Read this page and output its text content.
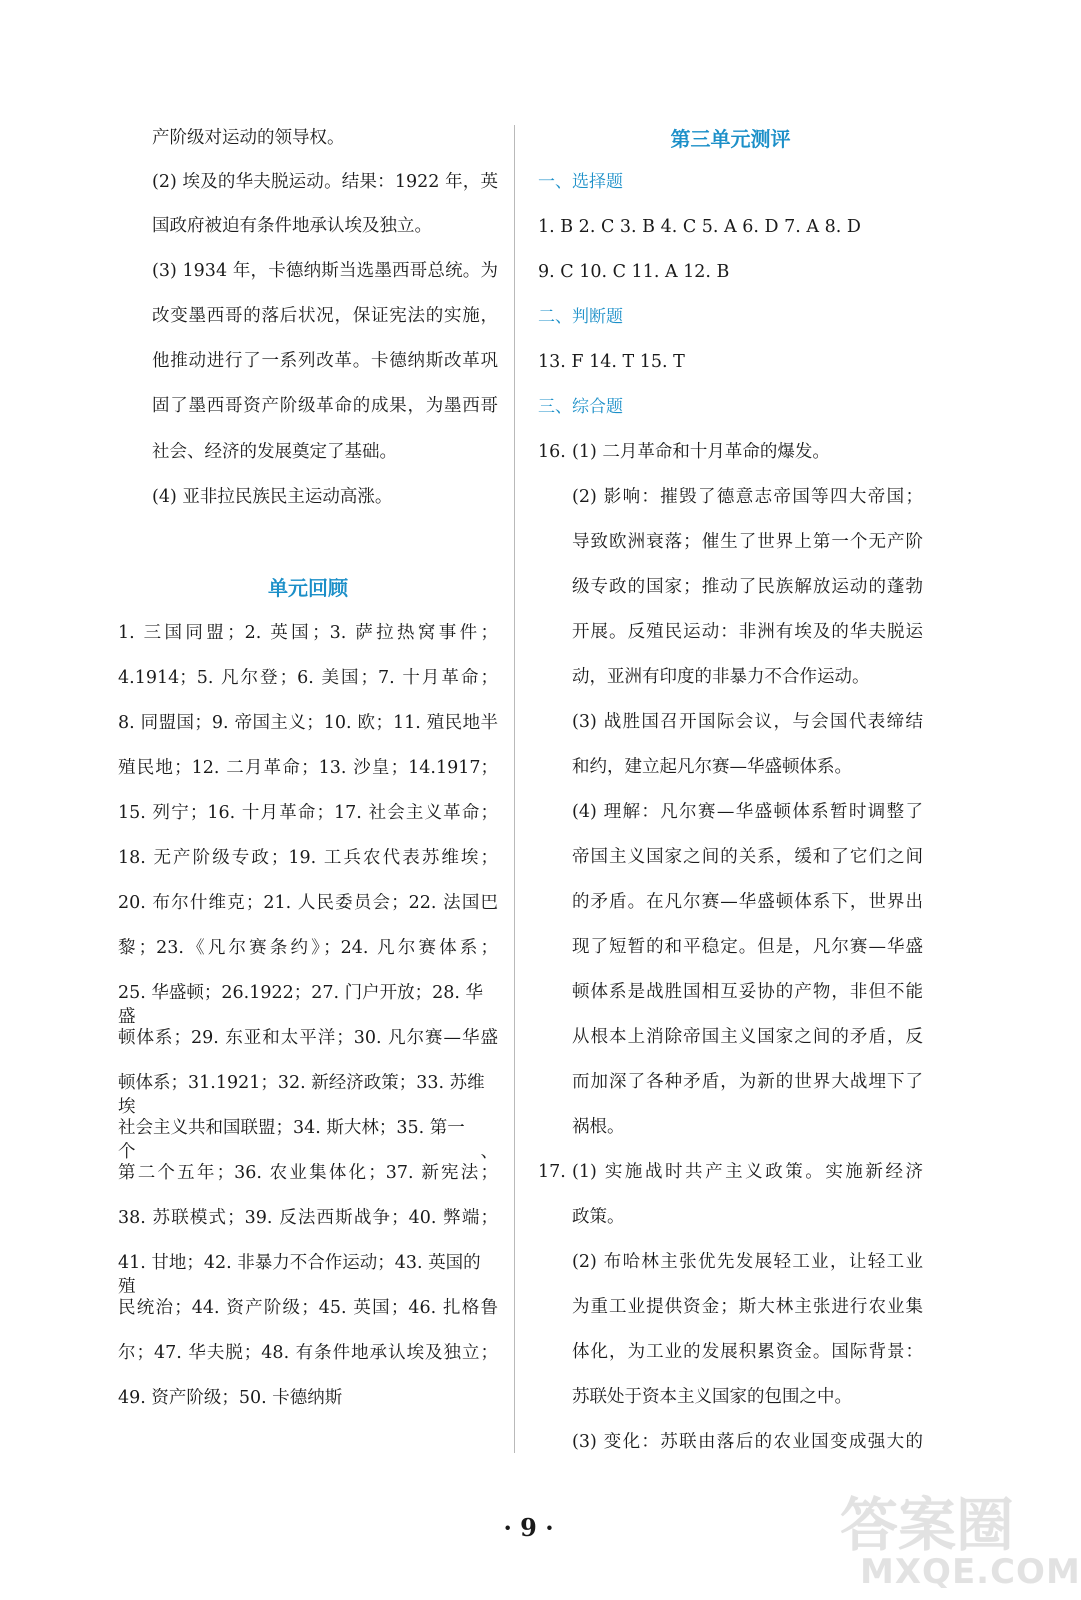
产阶级对运动的领导权。
(2) 埃及的华夫脱运动。结果：1922 年，英
国政府被迫有条件地承认埃及独立。
(3) 1934 年，卡德纳斯当选墨西哥总统。为
改变墨西哥的落后状况，保证宪法的实施，
他推动进行了一系列改革。卡德纳斯改革巩
固了墨西哥资产阶级革命的成果，为墨西哥
社会、经济的发展奠定了基础。
(4) 亚非拉民族民主运动高涨。
单元回顾
1. 三国同盟；2. 英国；3. 萨拉热窝事件；
4.1914；5. 凡尔登；6. 美国；7. 十月革命；
8. 同盟国；9. 帝国主义；10. 欧；11. 殖民地半
殖民地；12. 二月革命；13. 沙皇；14.1917；
15. 列宁；16. 十月革命；17. 社会主义革命；
18. 无产阶级专政；19. 工兵农代表苏维埃；
20. 布尔什维克；21. 人民委员会；22. 法国巴
黎；23.《凡尔赛条约》；24. 凡尔赛体系；
25. 华盛顿；26.1922；27. 门户开放；28. 华盛
顿体系；29. 东亚和太平洋；30. 凡尔赛—华盛
顿体系；31.1921；32. 新经济政策；33. 苏维埃
社会主义共和国联盟；34. 斯大林；35. 第一个、
第二个五年；36. 农业集体化；37. 新宪法；
38. 苏联模式；39. 反法西斯战争；40. 弊端；
41. 甘地；42. 非暴力不合作运动；43. 英国的殖
民统治；44. 资产阶级；45. 英国；46. 扎格鲁
尔；47. 华夫脱；48. 有条件地承认埃及独立；
49. 资产阶级；50. 卡德纳斯
第三单元测评
一、选择题
1. B 2. C 3. B 4. C 5. A 6. D 7. A 8. D
9. C 10. C 11. A 12. B
二、判断题
13. F 14. T 15. T
三、综合题
16. (1) 二月革命和十月革命的爆发。
(2) 影响：摧毁了德意志帝国等四大帝国；
导致欧洲衰落；催生了世界上第一个无产阶
级专政的国家；推动了民族解放运动的蓬勃
开展。反殖民运动：非洲有埃及的华夫脱运
动，亚洲有印度的非暴力不合作运动。
(3) 战胜国召开国际会议，与会国代表缔结
和约，建立起凡尔赛—华盛顿体系。
(4) 理解：凡尔赛—华盛顿体系暂时调整了
帝国主义国家之间的关系，缓和了它们之间
的矛盾。在凡尔赛—华盛顿体系下，世界出
现了短暂的和平稳定。但是，凡尔赛—华盛
顿体系是战胜国相互妥协的产物，非但不能
从根本上消除帝国主义国家之间的矛盾，反
而加深了各种矛盾，为新的世界大战埋下了
祸根。
17. (1) 实施战时共产主义政策。实施新经济
政策。
(2) 布哈林主张优先发展轻工业，让轻工业
为重工业提供资金；斯大林主张进行农业集
体化，为工业的发展积累资金。国际背景：
苏联处于资本主义国家的包围之中。
(3) 变化：苏联由落后的农业国变成强大的
· 9 ·	答案圈
MXQE.COM
